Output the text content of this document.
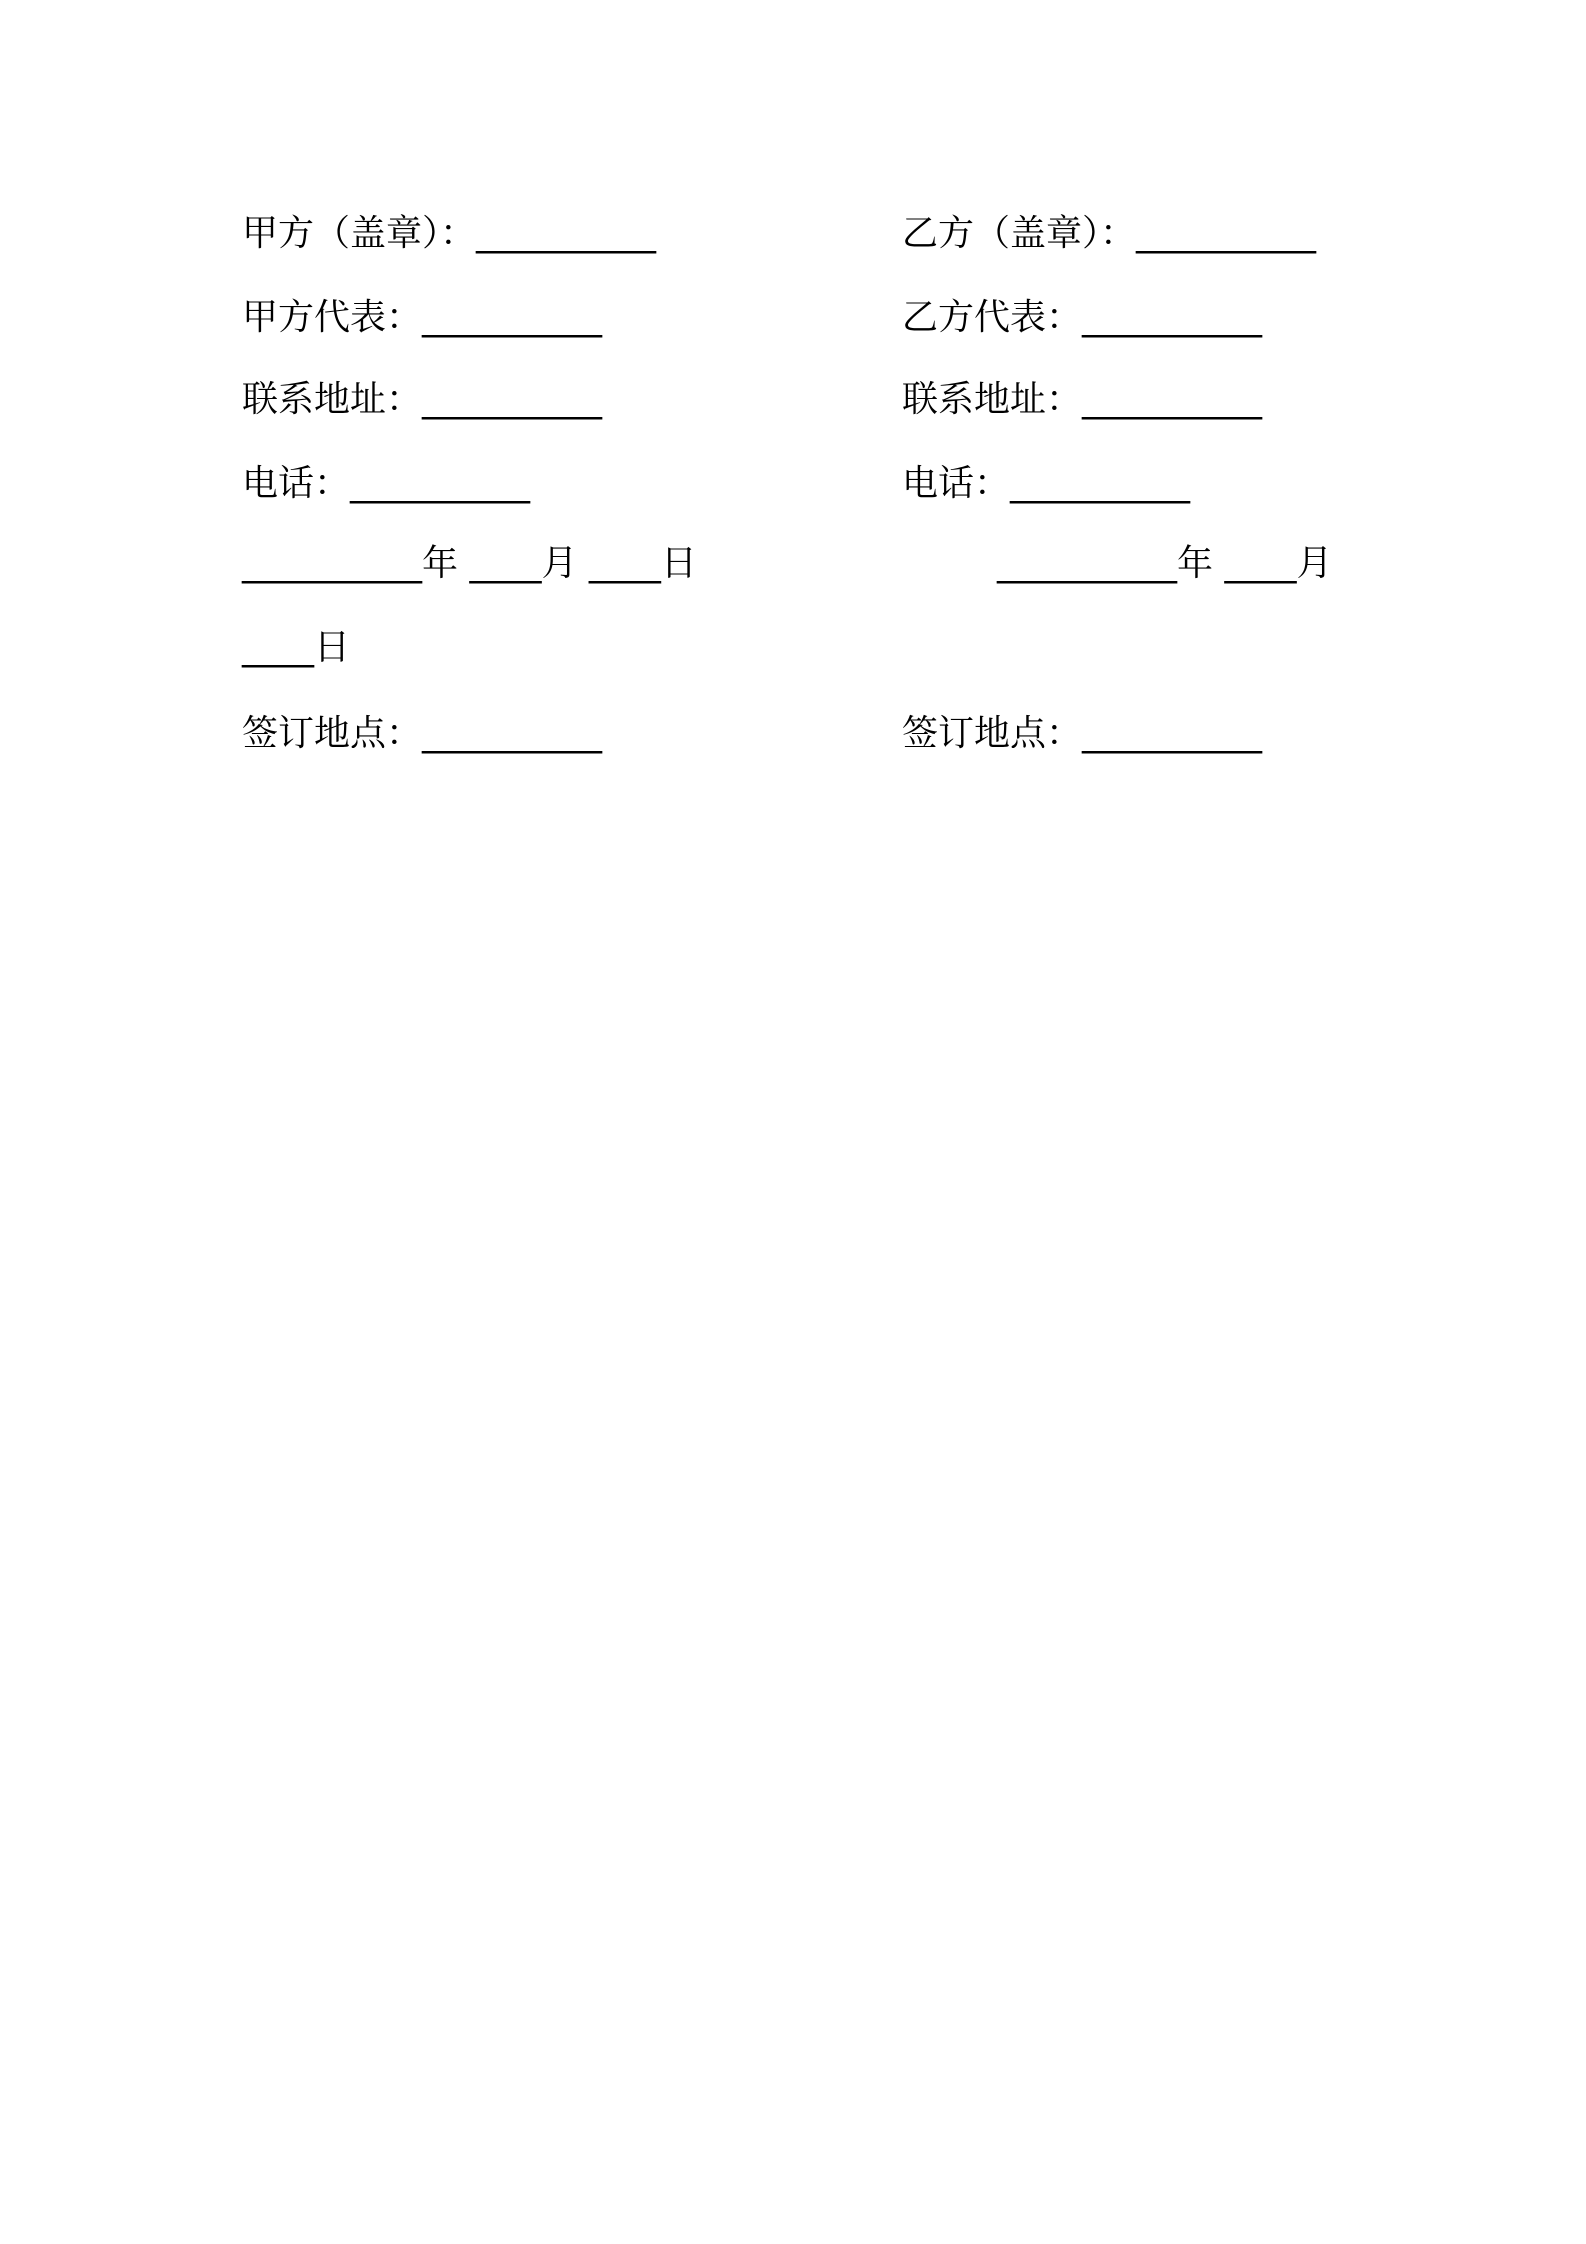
甲方（盖章）：__________
甲方代表：__________
联系地址：__________
电话：__________
__________年 ____月 ____日
____日
签订地点：__________
乙方（盖章）：__________
乙方代表：__________
联系地址：__________
电话：__________
__________年 ____月
签订地点：__________
